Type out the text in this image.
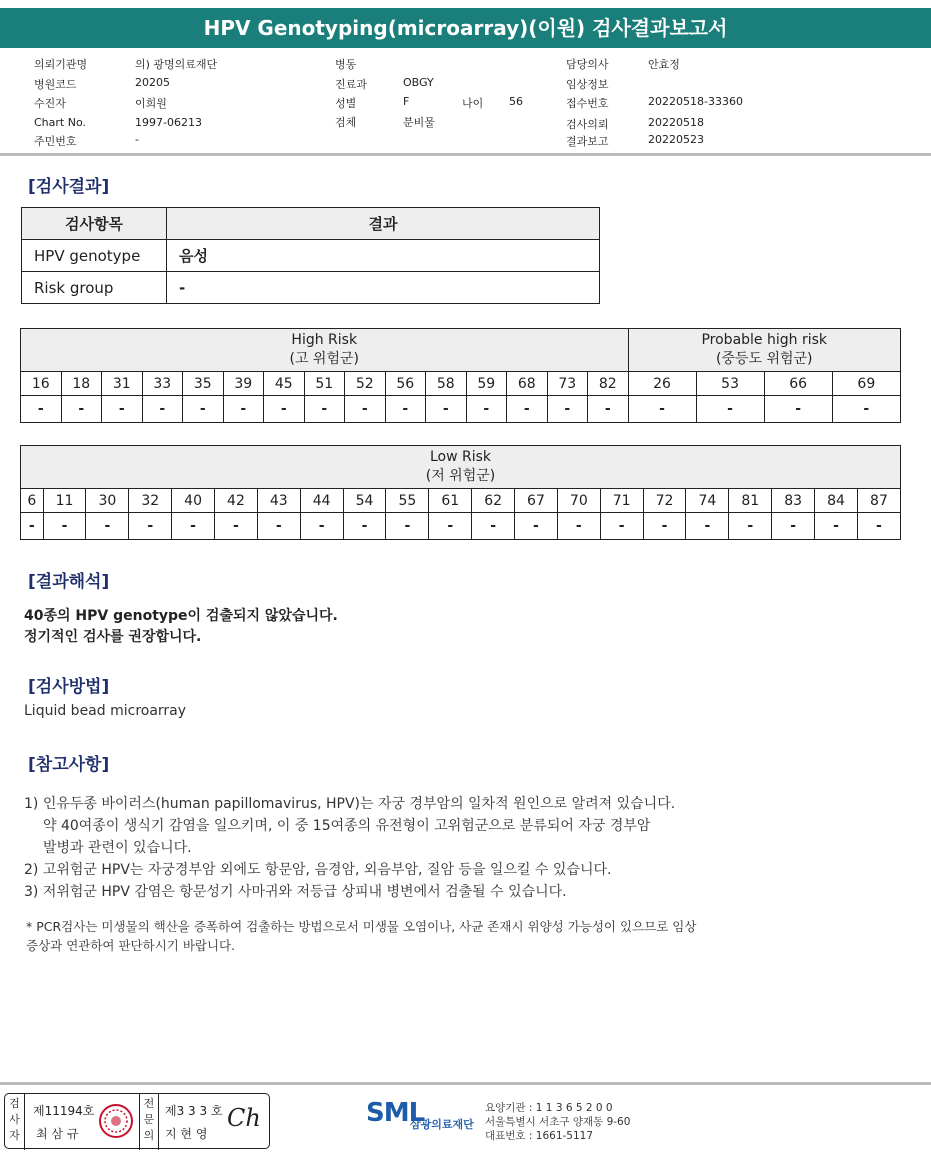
HPV Genotyping(microarray)(이원) 검사결과보고서
의뢰기관명	의) 광명의료재단
병원코드	20205
수진자	이희원
Chart No.	1997-06213
주민번호	-
병동
진료과	OBGY
성별	F
검체	분비물
담당의사	안효정
임상정보
접수번호	20220518-33360
검사의뢰	20220518
결과보고	20220523
나이 56
[검사결과]
검사항목	결과
HPV genotype	음성
Risk group	-
High Risk
(고 위험군)															Probable high risk
(중등도 위험군)			
16	18	31	33	35	39	45	51	52	56	58	59	68	73	82	26	53	66	69
-	-	-	-	-	-	-	-	-	-	-	-	-	-	-	-	-	-	-
Low Risk
(저 위험군)																				
6	11	30	32	40	42	43	44	54	55	61	62	67	70	71	72	74	81	83	84	87
-	-	-	-	-	-	-	-	-	-	-	-	-	-	-	-	-	-	-	-	-
[결과해석]
40종의 HPV genotype이 검출되지 않았습니다.
정기적인 검사를 권장합니다.
[검사방법]
Liquid bead microarray
[참고사항]
1) 인유두종 바이러스(human papillomavirus, HPV)는 자궁 경부암의 일차적 원인으로 알려져 있습니다.
약 40여종이 생식기 감염을 일으키며, 이 중 15여종의 유전형이 고위험군으로 분류되어 자궁 경부암
발병과 관련이 있습니다.
2) 고위험군 HPV는 자궁경부암 외에도 항문암, 음경암, 외음부암, 질암 등을 일으킬 수 있습니다.
3) 저위험군 HPV 감염은 항문성기 사마귀와 저등급 상피내 병변에서 검출될 수 있습니다.
* PCR검사는 미생물의 핵산을 증폭하여 검출하는 방법으로서 미생물 오염이나, 사균 존재시 위양성 가능성이 있으므로 임상
증상과 연관하여 판단하시기 바랍니다.
검
사
자
제11194호
최 삼 규
전
문
의
제3 3 3 호
지 현 영
Ch	SML
삼광의료재단
요양기관 : 1 1 3 6 5 2 0 0
서울특별시 서초구 양재동 9-60
대표번호 : 1661-5117
